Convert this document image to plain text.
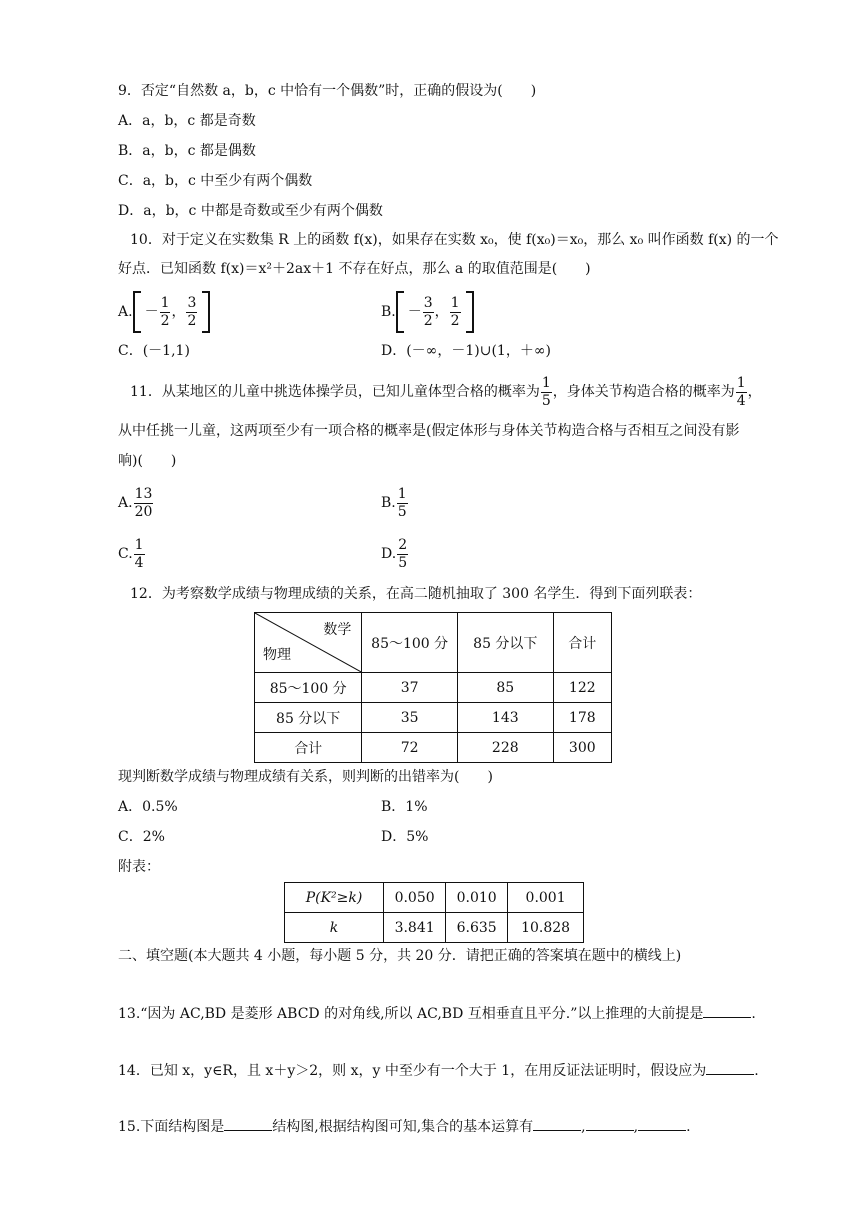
9．否定“自然数 a，b，c 中恰有一个偶数”时，正确的假设为(　　)
A．a，b，c 都是奇数
B．a，b，c 都是偶数
C．a，b，c 中至少有两个偶数
D．a，b，c 中都是奇数或至少有两个偶数
10．对于定义在实数集 R 上的函数 f(x)，如果存在实数 x₀，使 f(x₀)＝x₀，那么 x₀ 叫作函数 f(x) 的一个
好点．已知函数 f(x)＝x²＋2ax＋1 不存在好点，那么 a 的取值范围是(　　)
A. － $\frac{1}{2}$ ， $\frac{3}{2}$	B. － $\frac{3}{2}$ ， $\frac{1}{2}$
C．(－1,1)	D．(－∞，－1)∪(1，＋∞)
11．从某地区的儿童中挑选体操学员，已知儿童体型合格的概率为 $\frac{1}{5}$ ，身体关节构造合格的概率为 $\frac{1}{4}$ ，
从中任挑一儿童，这两项至少有一项合格的概率是(假定体形与身体关节构造合格与否相互之间没有影
响)(　　)
A. $\frac{13}{20}$	B. $\frac{1}{5}$
C. $\frac{1}{4}$	D. $\frac{2}{5}$
12．为考察数学成绩与物理成绩的关系，在高二随机抽取了 300 名学生．得到下面列联表：
数学
物理	85～100 分	85 分以下	合计
85～100 分	37	85	122
85 分以下	35	143	178
合计	72	228	300
现判断数学成绩与物理成绩有关系，则判断的出错率为(　　)
A．0.5%	B．1%
C．2%	D．5%
附表：
P(K²≥k)	0.050	0.010	0.001
k	3.841	6.635	10.828
二、填空题(本大题共 4 小题，每小题 5 分，共 20 分．请把正确的答案填在题中的横线上)
13.“因为 AC,BD 是菱形 ABCD 的对角线,所以 AC,BD 互相垂直且平分.”以上推理的大前提是	.
14．已知 x，y∈R，且 x＋y＞2，则 x，y 中至少有一个大于 1，在用反证法证明时，假设应为	.
15.下面结构图是	结构图,根据结构图可知,集合的基本运算有	,	,	.
